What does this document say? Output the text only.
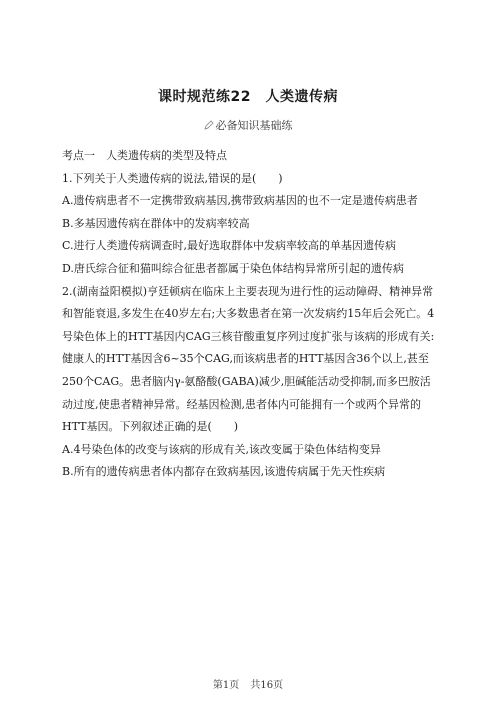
课时规范练22　人类遗传病
必备知识基础练

考点一　人类遗传病的类型及特点

1.下列关于人类遗传病的说法,错误的是(　　)

A.遗传病患者不一定携带致病基因,携带致病基因的也不一定是遗传病患者

B.多基因遗传病在群体中的发病率较高

C.进行人类遗传病调查时,最好选取群体中发病率较高的单基因遗传病

D.唐氏综合征和猫叫综合征患者都属于染色体结构异常所引起的遗传病

2.(湖南益阳模拟)亨廷顿病在临床上主要表现为进行性的运动障碍、精神异常和智能衰退,多发生在40岁左右;大多数患者在第一次发病约15年后会死亡。4号染色体上的HTT基因内CAG三核苷酸重复序列过度扩张与该病的形成有关:健康人的HTT基因含6~35个CAG,而该病患者的HTT基因含36个以上,甚至250个CAG。患者脑内γ-氨酪酸(GABA)减少,胆碱能活动受抑制,而多巴胺活动过度,使患者精神异常。经基因检测,患者体内可能拥有一个或两个异常的HTT基因。下列叙述正确的是(　　)

A.4号染色体的改变与该病的形成有关,该改变属于染色体结构变异

B.所有的遗传病患者体内都存在致病基因,该遗传病属于先天性疾病

第1页 共16页
